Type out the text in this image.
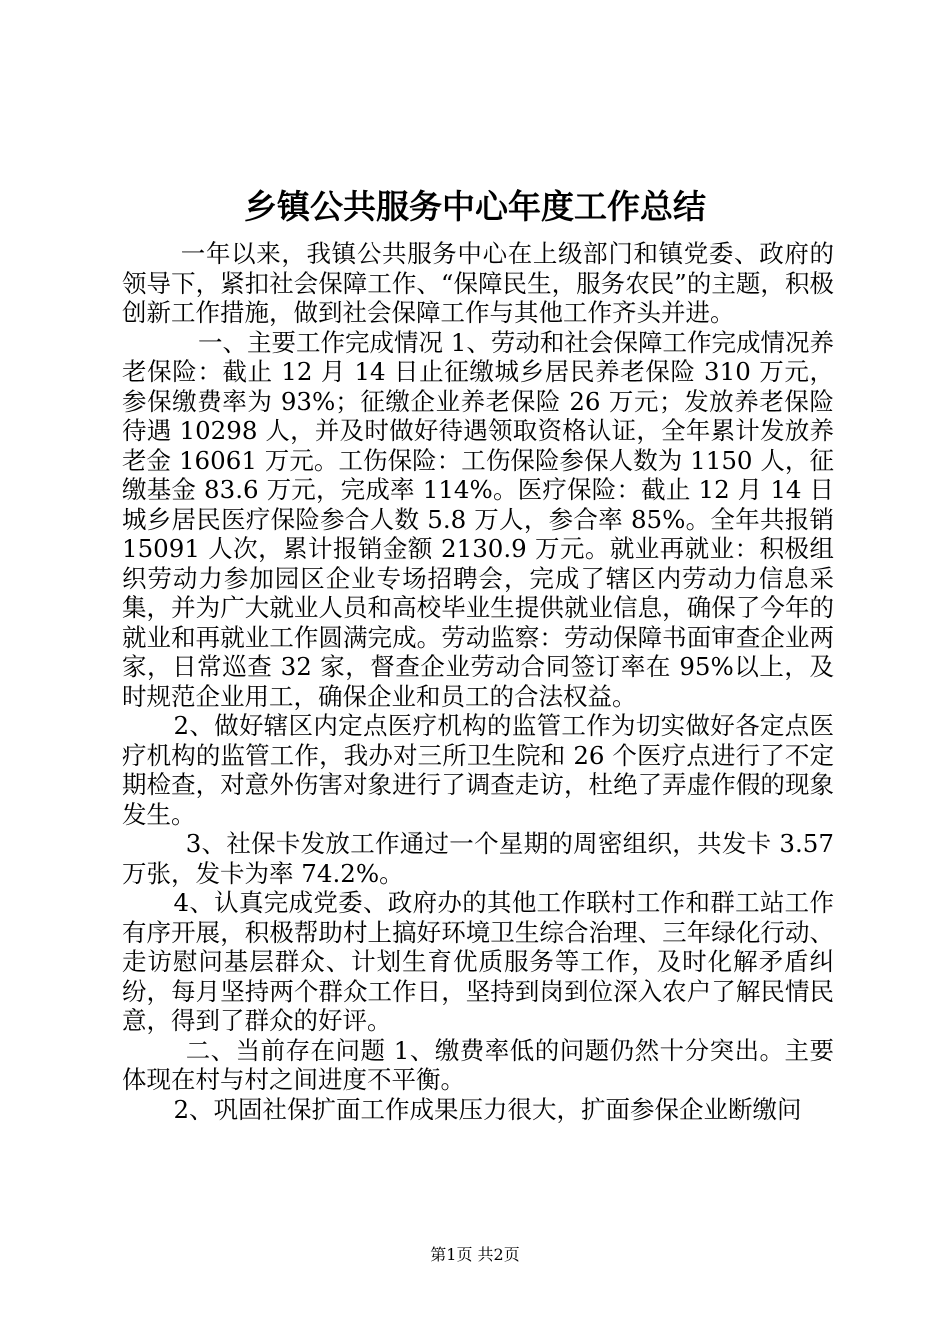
乡镇公共服务中心年度工作总结

一年以来，我镇公共服务中心在上级部门和镇党委、政府的领导下，紧扣社会保障工作、“保障民生，服务农民”的主题，积极创新工作措施，做到社会保障工作与其他工作齐头并进。

一、主要工作完成情况 1、劳动和社会保障工作完成情况养老保险：截止 12 月 14 日止征缴城乡居民养老保险 310 万元，参保缴费率为 93%；征缴企业养老保险 26 万元；发放养老保险待遇 10298 人，并及时做好待遇领取资格认证，全年累计发放养老金 16061 万元。工伤保险：工伤保险参保人数为 1150 人，征缴基金 83.6 万元，完成率 114%。医疗保险：截止 12 月 14 日城乡居民医疗保险参合人数 5.8 万人，参合率 85%。全年共报销 15091 人次，累计报销金额 2130.9 万元。就业再就业：积极组织劳动力参加园区企业专场招聘会，完成了辖区内劳动力信息采集，并为广大就业人员和高校毕业生提供就业信息，确保了今年的就业和再就业工作圆满完成。劳动监察：劳动保障书面审查企业两家，日常巡查 32 家，督查企业劳动合同签订率在 95%以上，及时规范企业用工，确保企业和员工的合法权益。

2、做好辖区内定点医疗机构的监管工作为切实做好各定点医疗机构的监管工作，我办对三所卫生院和 26 个医疗点进行了不定期检查，对意外伤害对象进行了调查走访，杜绝了弄虚作假的现象发生。

3、社保卡发放工作通过一个星期的周密组织，共发卡 3.57 万张，发卡为率 74.2%。

4、认真完成党委、政府办的其他工作联村工作和群工站工作有序开展，积极帮助村上搞好环境卫生综合治理、三年绿化行动、走访慰问基层群众、计划生育优质服务等工作，及时化解矛盾纠纷，每月坚持两个群众工作日，坚持到岗到位深入农户了解民情民意，得到了群众的好评。

二、当前存在问题 1、缴费率低的问题仍然十分突出。主要体现在村与村之间进度不平衡。

2、巩固社保扩面工作成果压力很大，扩面参保企业断缴问

第1页 共2页
